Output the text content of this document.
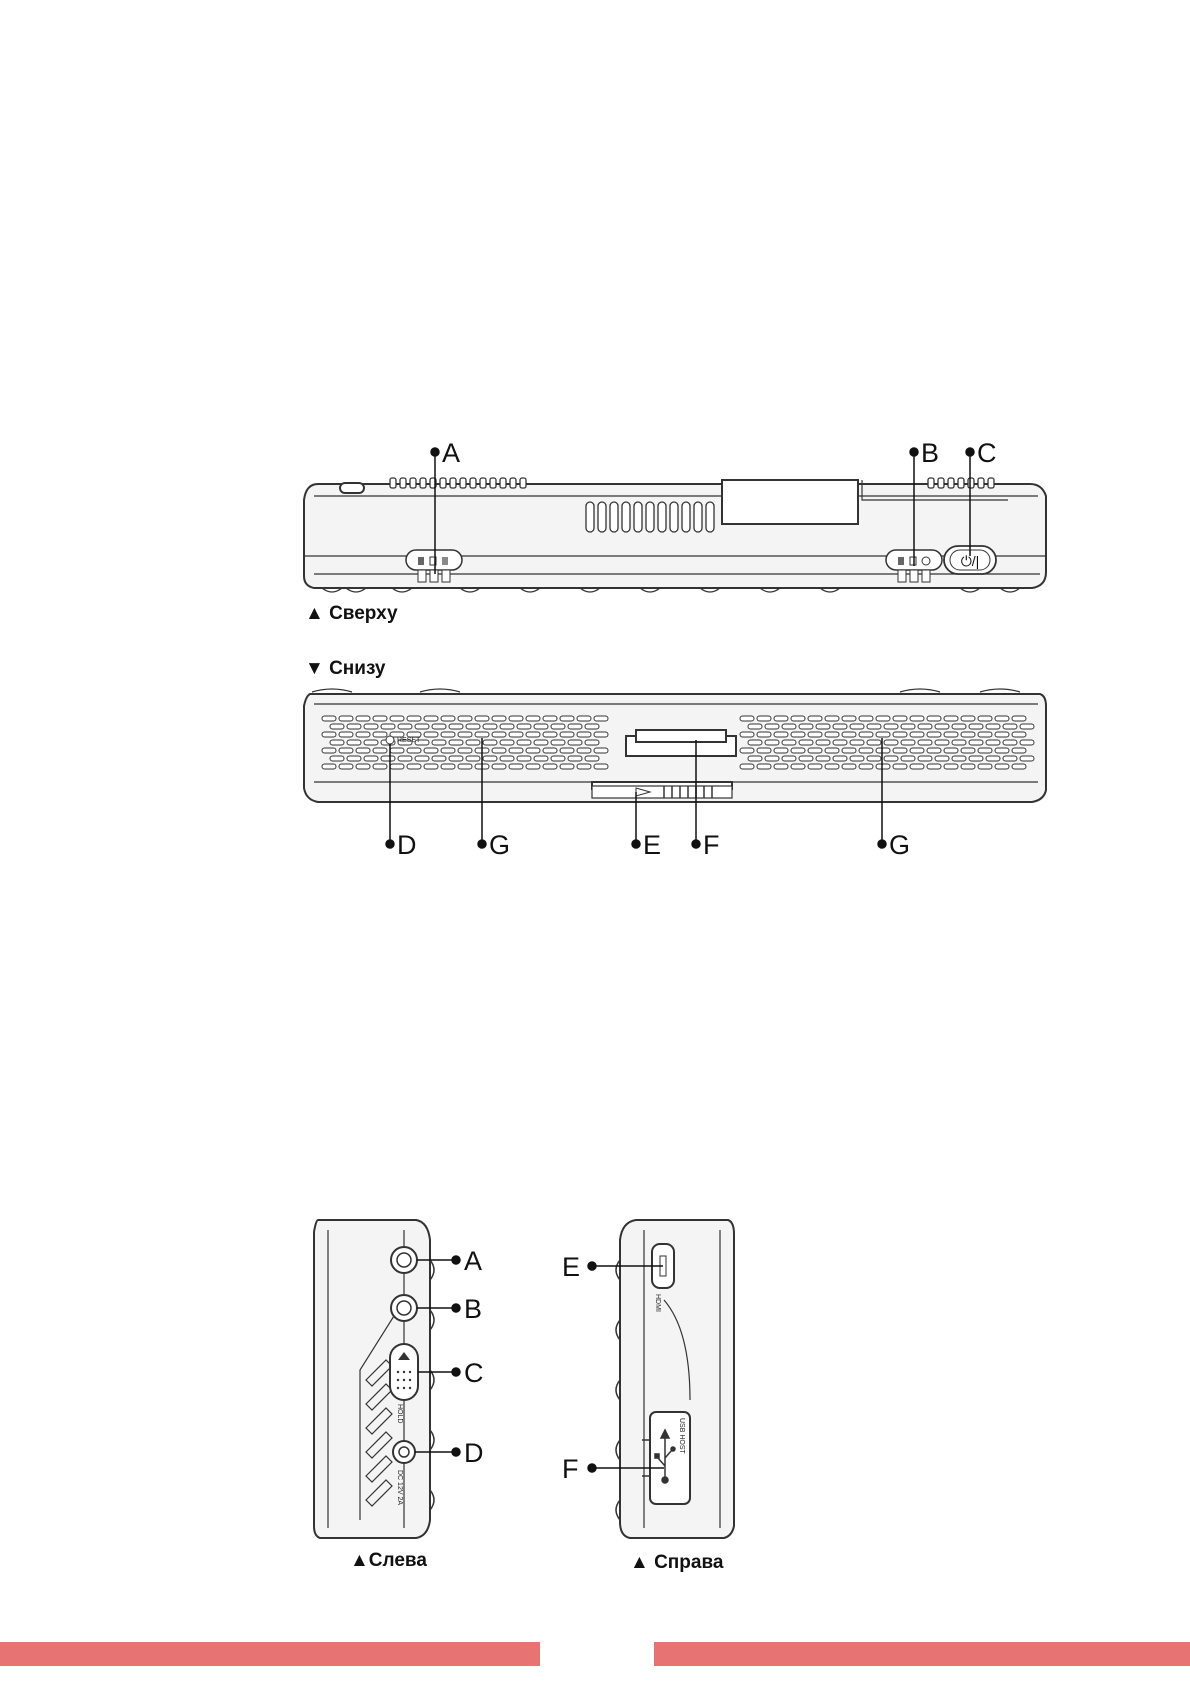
⏻/|
A	B C
▲ Сверху
▼ Снизу
RESET
D	G	E F	G
HOLD
DC 12V 2A
A
B
C
D
▲Слева
HDMI
USB HOST
E
F
▲ Справа
